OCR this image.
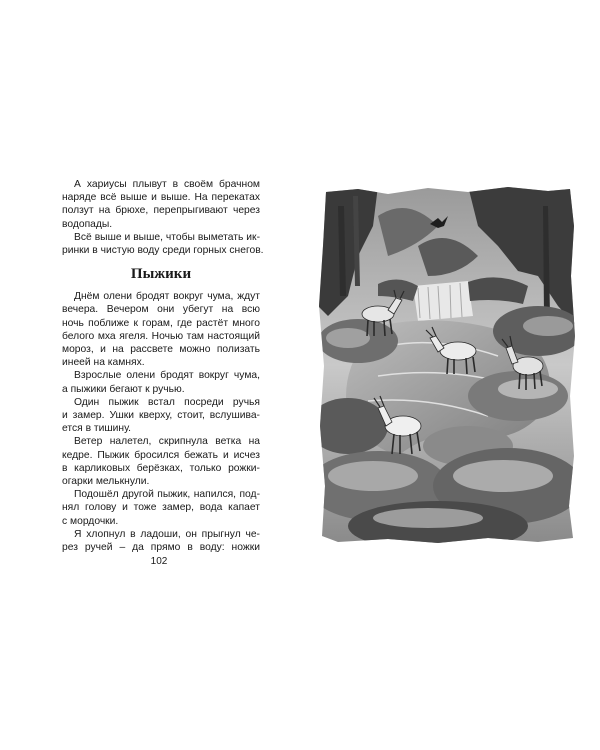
А хариусы плывут в своём брачном
наряде всё выше и выше. На перекатах
ползут на брюхе, перепрыгивают через
водопады.
Всё выше и выше, чтобы выметать ик-
ринки в чистую воду среди горных снегов.
Пыжики
Днём олени бродят вокруг чума, ждут
вечера. Вечером они убегут на всю
ночь поближе к горам, где растёт много
белого мха ягеля. Ночью там настоящий
мороз, и на рассвете можно полизать
инеей на камнях.
Взрослые олени бродят вокруг чума,
а пыжики бегают к ручью.
Один пыжик встал посреди ручья
и замер. Ушки кверху, стоит, вслушива-
ется в тишину.
Ветер налетел, скрипнула ветка на
кедре. Пыжик бросился бежать и исчез
в карликовых берёзках, только рожки-
огарки мелькнули.
Подошёл другой пыжик, напился, под-
нял голову и тоже замер, вода капает
с мордочки.
Я хлопнул в ладоши, он прыгнул че-
рез ручей – да прямо в воду: ножки
102
